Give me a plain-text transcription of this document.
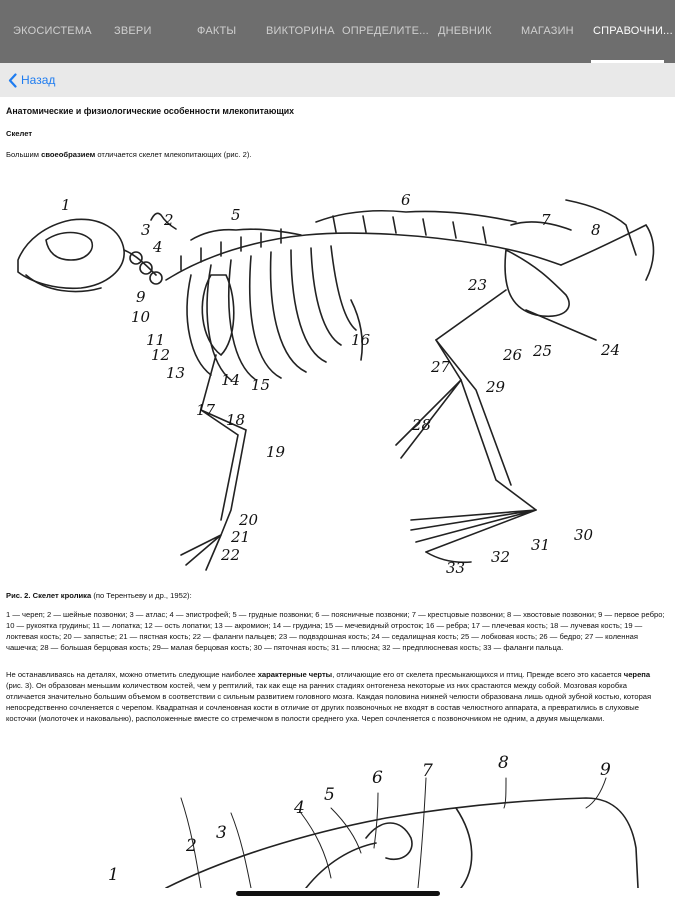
ЭКОСИСТЕМА ЗВЕРИ	ФАКТЫ	ВИКТОРИНА ОПРЕДЕЛИТЕ... ДНЕВНИК	МАГАЗИН СПРАВОЧНИ...
Назад
Анатомические и физиологические особенности млекопитающих
Скелет
Большим своеобразием отличается скелет млекопитающих (рис. 2).
1
2
3
4
5
6
7
8
9
10
11
12
13 14 15
16
17
18
19
20
21
22
23
24
25
26
27
28
29
30
31
32
33
Рис. 2. Скелет кролика (по Терентьеву и др., 1952):
1 — череп; 2 — шейные позвонки; 3 — атлас; 4 — эпистрофей; 5 — грудные позвонки; 6 — поясничные позвонки; 7 — крестцовые позвонки; 8 — хвостовые позвонки; 9 — первое ребро; 10 — рукоятка грудины; 11 — лопатка; 12 — ость лопатки; 13 — акромион; 14 — грудина; 15 — мечевидный отросток; 16 — ребра; 17 — плечевая кость; 18 — лучевая кость; 19 — локтевая кость; 20 — запястье; 21 — пястная кость; 22 — фаланги пальцев; 23 — подвздошная кость; 24 — седалищная кость; 25 — лобковая кость; 26 — бедро; 27 — коленная чашечка; 28 — большая берцовая кость; 29— малая берцовая кость; 30 — пяточная кость; 31 — плюсна; 32 — предплюсневая кость; 33 — фаланги пальца.
Не останавливаясь на деталях, можно отметить следующие наиболее характерные черты, отличающие его от скелета пресмыкающихся и птиц. Прежде всего это касается черепа (рис. 3). Он образован меньшим количеством костей, чем у рептилий, так как еще на ранних стадиях онтогенеза некоторые из них срастаются между собой. Мозговая коробка отличается значительно большим объемом в соответствии с сильным развитием головного мозга. Каждая половина нижней челюсти образована лишь одной зубной костью, которая непосредственно сочленяется с черепом. Квадратная и сочленовная кости в отличие от других позвоночных не входят в состав челюстного аппарата, а превратились в слуховые косточки (молоточек и наковальню), расположенные вместе со стремечком в полости среднего уха. Череп сочленяется с позвоночником не одним, а двумя мыщелками.
1
2
3
4
5
6 7	8	9
